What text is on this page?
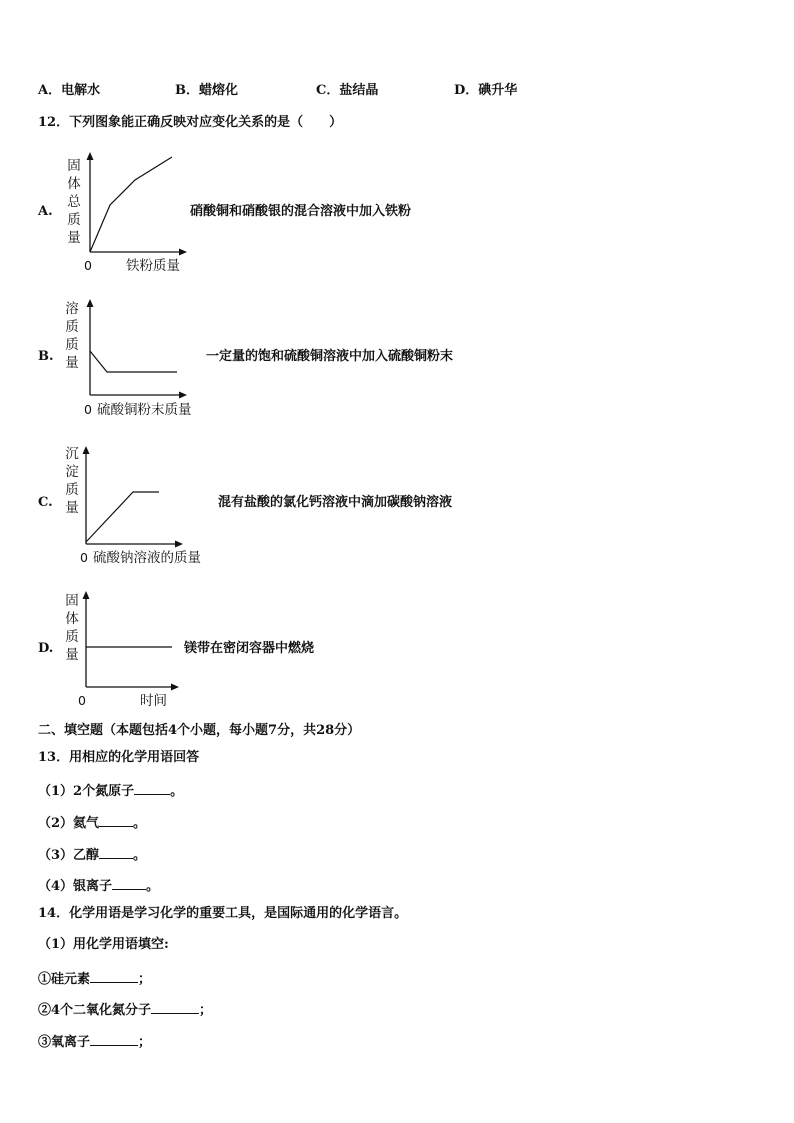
A．电解水	B．蜡熔化	C．盐结晶	D．碘升华
12．下列图象能正确反映对应变化关系的是（　　）
A.
固体总质量
0	铁粉质量
硝酸铜和硝酸银的混合溶液中加入铁粉
B.
溶质质量
0 硫酸铜粉末质量
一定量的饱和硫酸铜溶液中加入硫酸铜粉末
C.
沉淀质量
0 硫酸钠溶液的质量
混有盐酸的氯化钙溶液中滴加碳酸钠溶液
D.
固体质量
0	时间
镁带在密闭容器中燃烧
二、填空题（本题包括4个小题，每小题7分，共28分）
13．用相应的化学用语回答
（1）2个氮原子	。
（2）氦气	。
（3）乙醇	。
（4）银离子	。
14．化学用语是学习化学的重要工具，是国际通用的化学语言。
（1）用化学用语填空:
①硅元素	；
②4个二氧化氮分子	；
③氧离子	；
